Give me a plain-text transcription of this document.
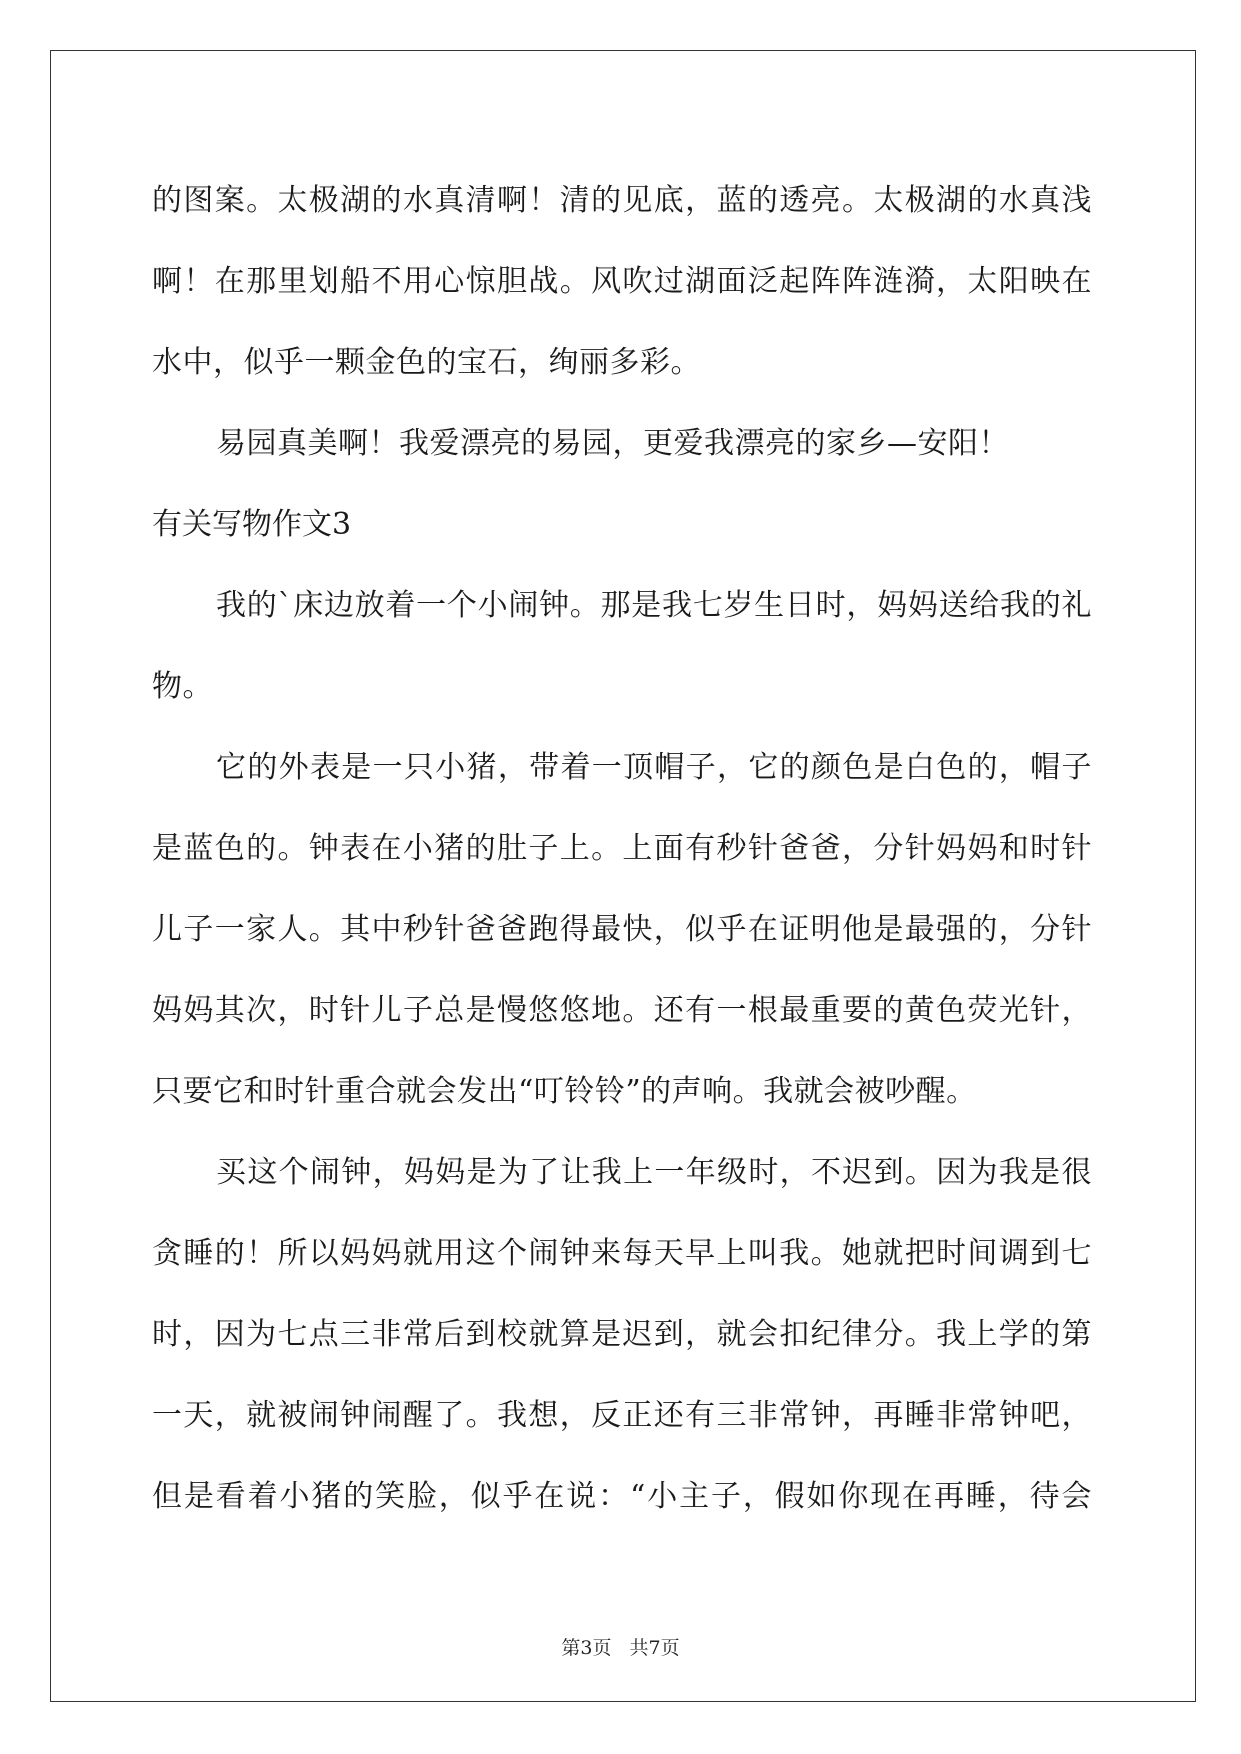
的图案。太极湖的水真清啊！清的见底，蓝的透亮。太极湖的水真浅
啊！在那里划船不用心惊胆战。风吹过湖面泛起阵阵涟漪，太阳映在
水中，似乎一颗金色的宝石，绚丽多彩。
易园真美啊！我爱漂亮的易园，更爱我漂亮的家乡—安阳！
有关写物作文3
我的`床边放着一个小闹钟。那是我七岁生日时，妈妈送给我的礼
物。
它的外表是一只小猪，带着一顶帽子，它的颜色是白色的，帽子
是蓝色的。钟表在小猪的肚子上。上面有秒针爸爸，分针妈妈和时针
儿子一家人。其中秒针爸爸跑得最快，似乎在证明他是最强的，分针
妈妈其次，时针儿子总是慢悠悠地。还有一根最重要的黄色荧光针，
只要它和时针重合就会发出“叮铃铃”的声响。我就会被吵醒。
买这个闹钟，妈妈是为了让我上一年级时，不迟到。因为我是很
贪睡的！所以妈妈就用这个闹钟来每天早上叫我。她就把时间调到七
时，因为七点三非常后到校就算是迟到，就会扣纪律分。我上学的第
一天，就被闹钟闹醒了。我想，反正还有三非常钟，再睡非常钟吧，
但是看着小猪的笑脸，似乎在说：“小主子，假如你现在再睡，待会
第3页 共7页
